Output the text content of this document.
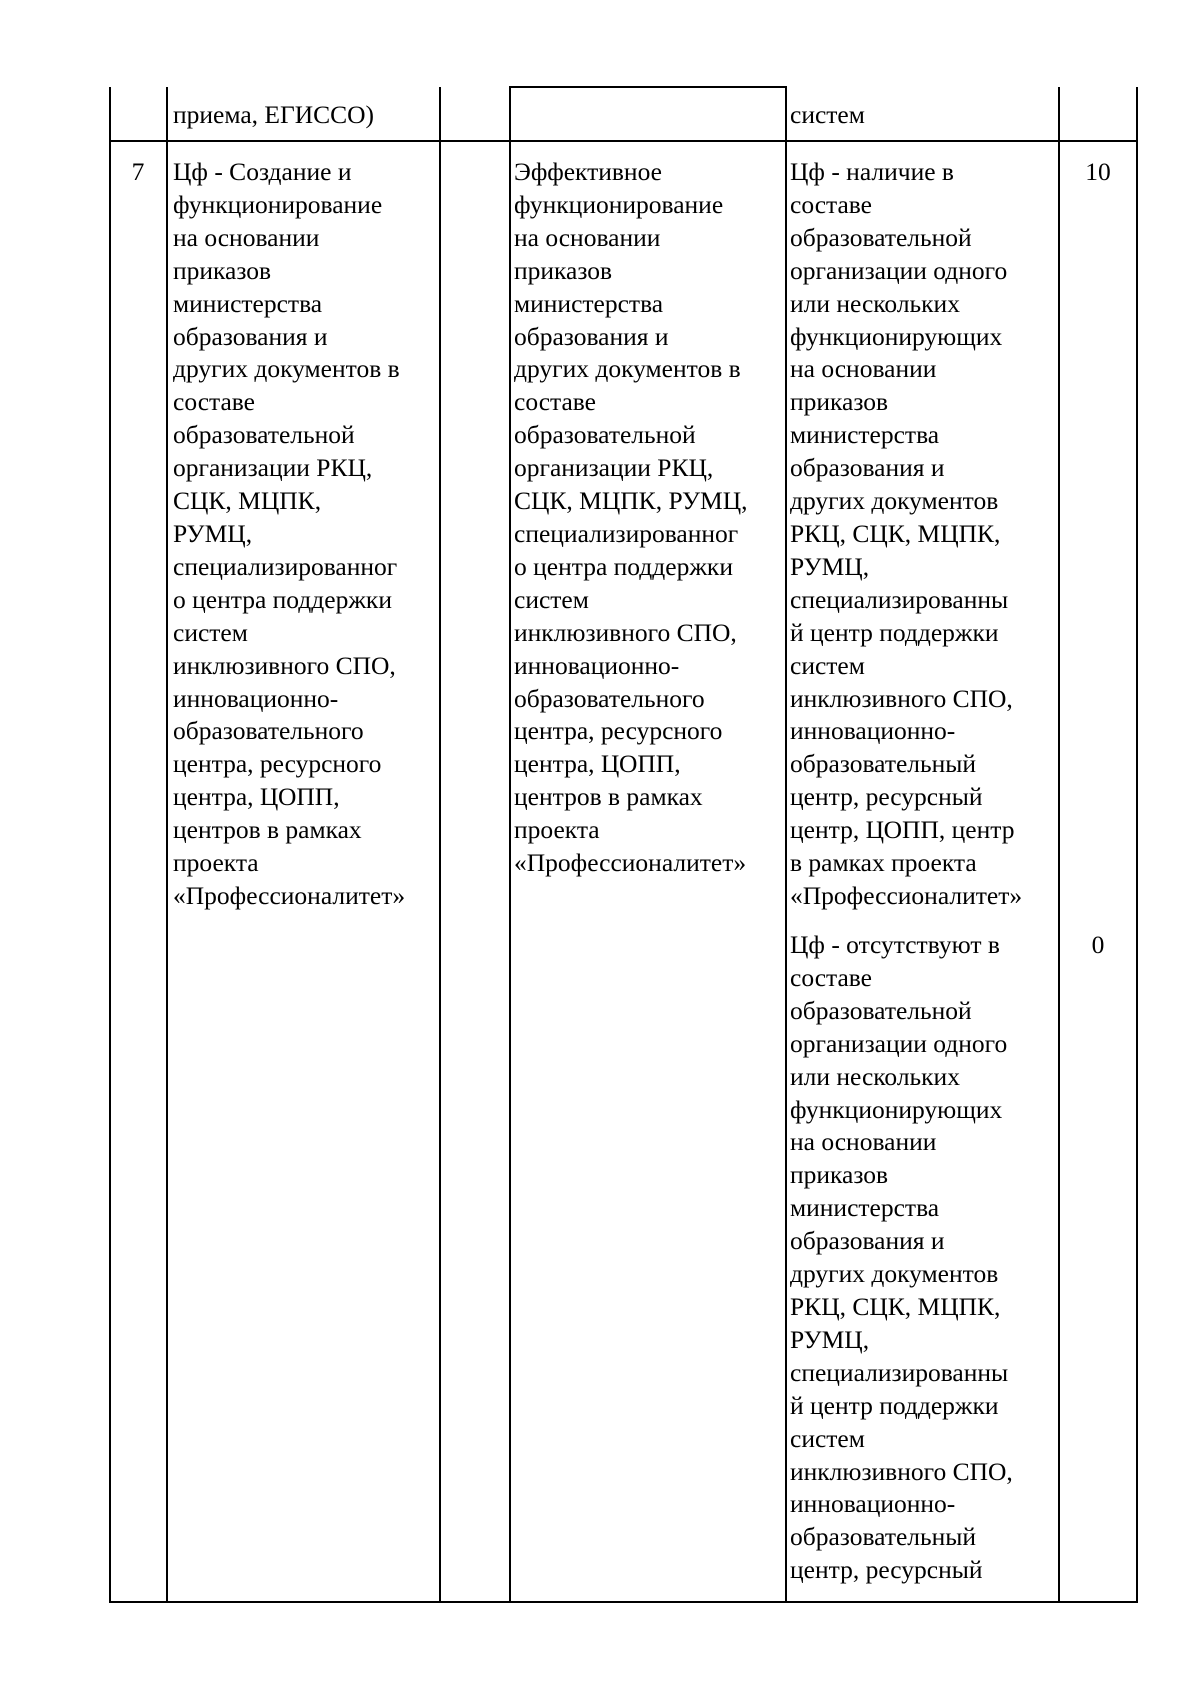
приема, ЕГИССО)	систем

7	Цф - Создание и
функционирование
на основании
приказов
министерства
образования и
других документов в
составе
образовательной
организации РКЦ,
СЦК, МЦПК,
РУМЦ,
специализированног
о центра поддержки
систем
инклюзивного СПО,
инновационно-
образовательного
центра, ресурсного
центра, ЦОПП,
центров в рамках
проекта
«Профессионалитет»

Эффективное
функционирование
на основании
приказов
министерства
образования и
других документов в
составе
образовательной
организации РКЦ,
СЦК, МЦПК, РУМЦ,
специализированног
о центра поддержки
систем
инклюзивного СПО,
инновационно-
образовательного
центра, ресурсного
центра, ЦОПП,
центров в рамках
проекта
«Профессионалитет»

Цф - наличие в
составе
образовательной
организации одного
или нескольких
функционирующих
на основании
приказов
министерства
образования и
других документов
РКЦ, СЦК, МЦПК,
РУМЦ,
специализированны
й центр поддержки
систем
инклюзивного СПО,
инновационно-
образовательный
центр, ресурсный
центр, ЦОПП, центр
в рамках проекта
«Профессионалитет»

10

Цф - отсутствуют в
составе
образовательной
организации одного
или нескольких
функционирующих
на основании
приказов
министерства
образования и
других документов
РКЦ, СЦК, МЦПК,
РУМЦ,
специализированны
й центр поддержки
систем
инклюзивного СПО,
инновационно-
образовательный
центр, ресурсный

0
